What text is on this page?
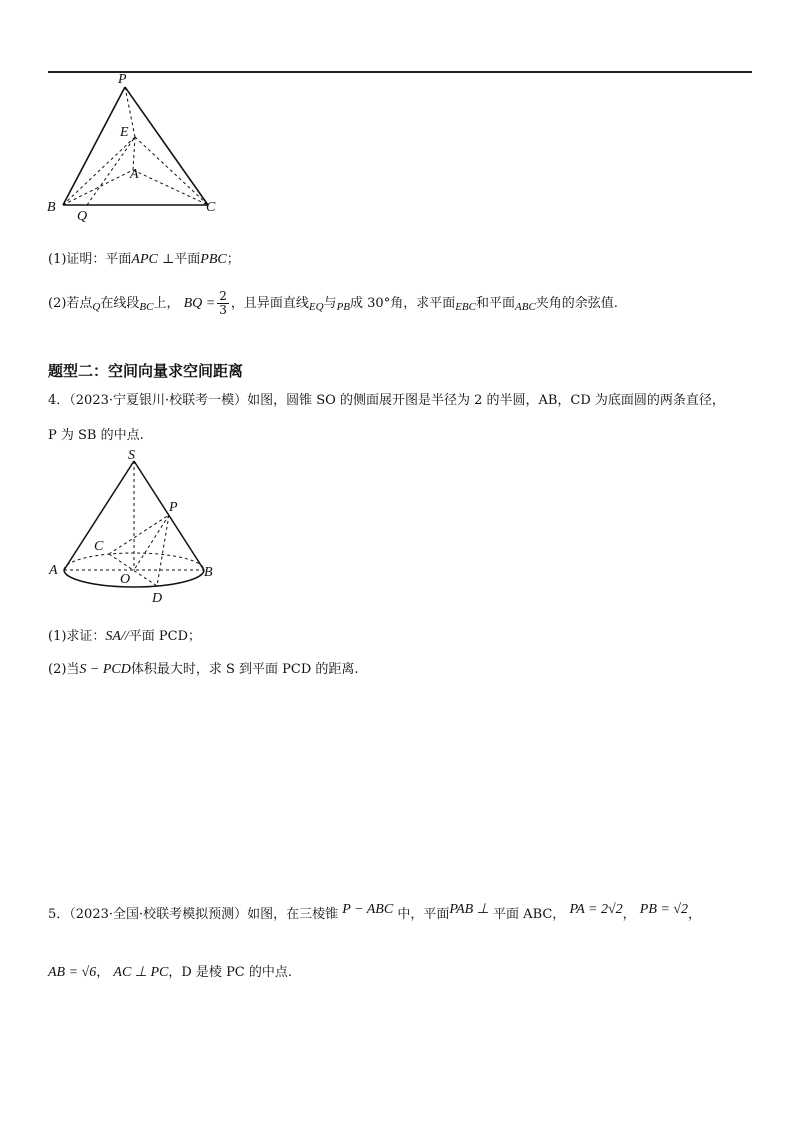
P
E
A
B
Q
C
(1)证明：平面APC ⊥平面PBC；
(2)若点$_Q$在线段$_{BC}$上， BQ = $\frac{2}{3}$ ，且异面直线$_{EQ}$与$_{PB}$成 30°角，求平面$_{EBC}$和平面$_{ABC}$夹角的余弦值.
题型二：空间向量求空间距离
4．（2023·宁夏银川·校联考一模）如图，圆锥 SO 的侧面展开图是半径为 2 的半圆，AB，CD 为底面圆的两条直径，
P 为 SB 的中点.
S
P
C
A
O	B
D
(1)求证：SA//平面 PCD；
(2)当S − PCD体积最大时，求 S 到平面 PCD 的距离.
5．（2023·全国·校联考模拟预测）如图，在三棱锥 P − ABC 中，平面PAB ⊥ 平面 ABC， PA = 2√2， PB = √2，
AB = √6， AC ⊥ PC，D 是棱 PC 的中点.
